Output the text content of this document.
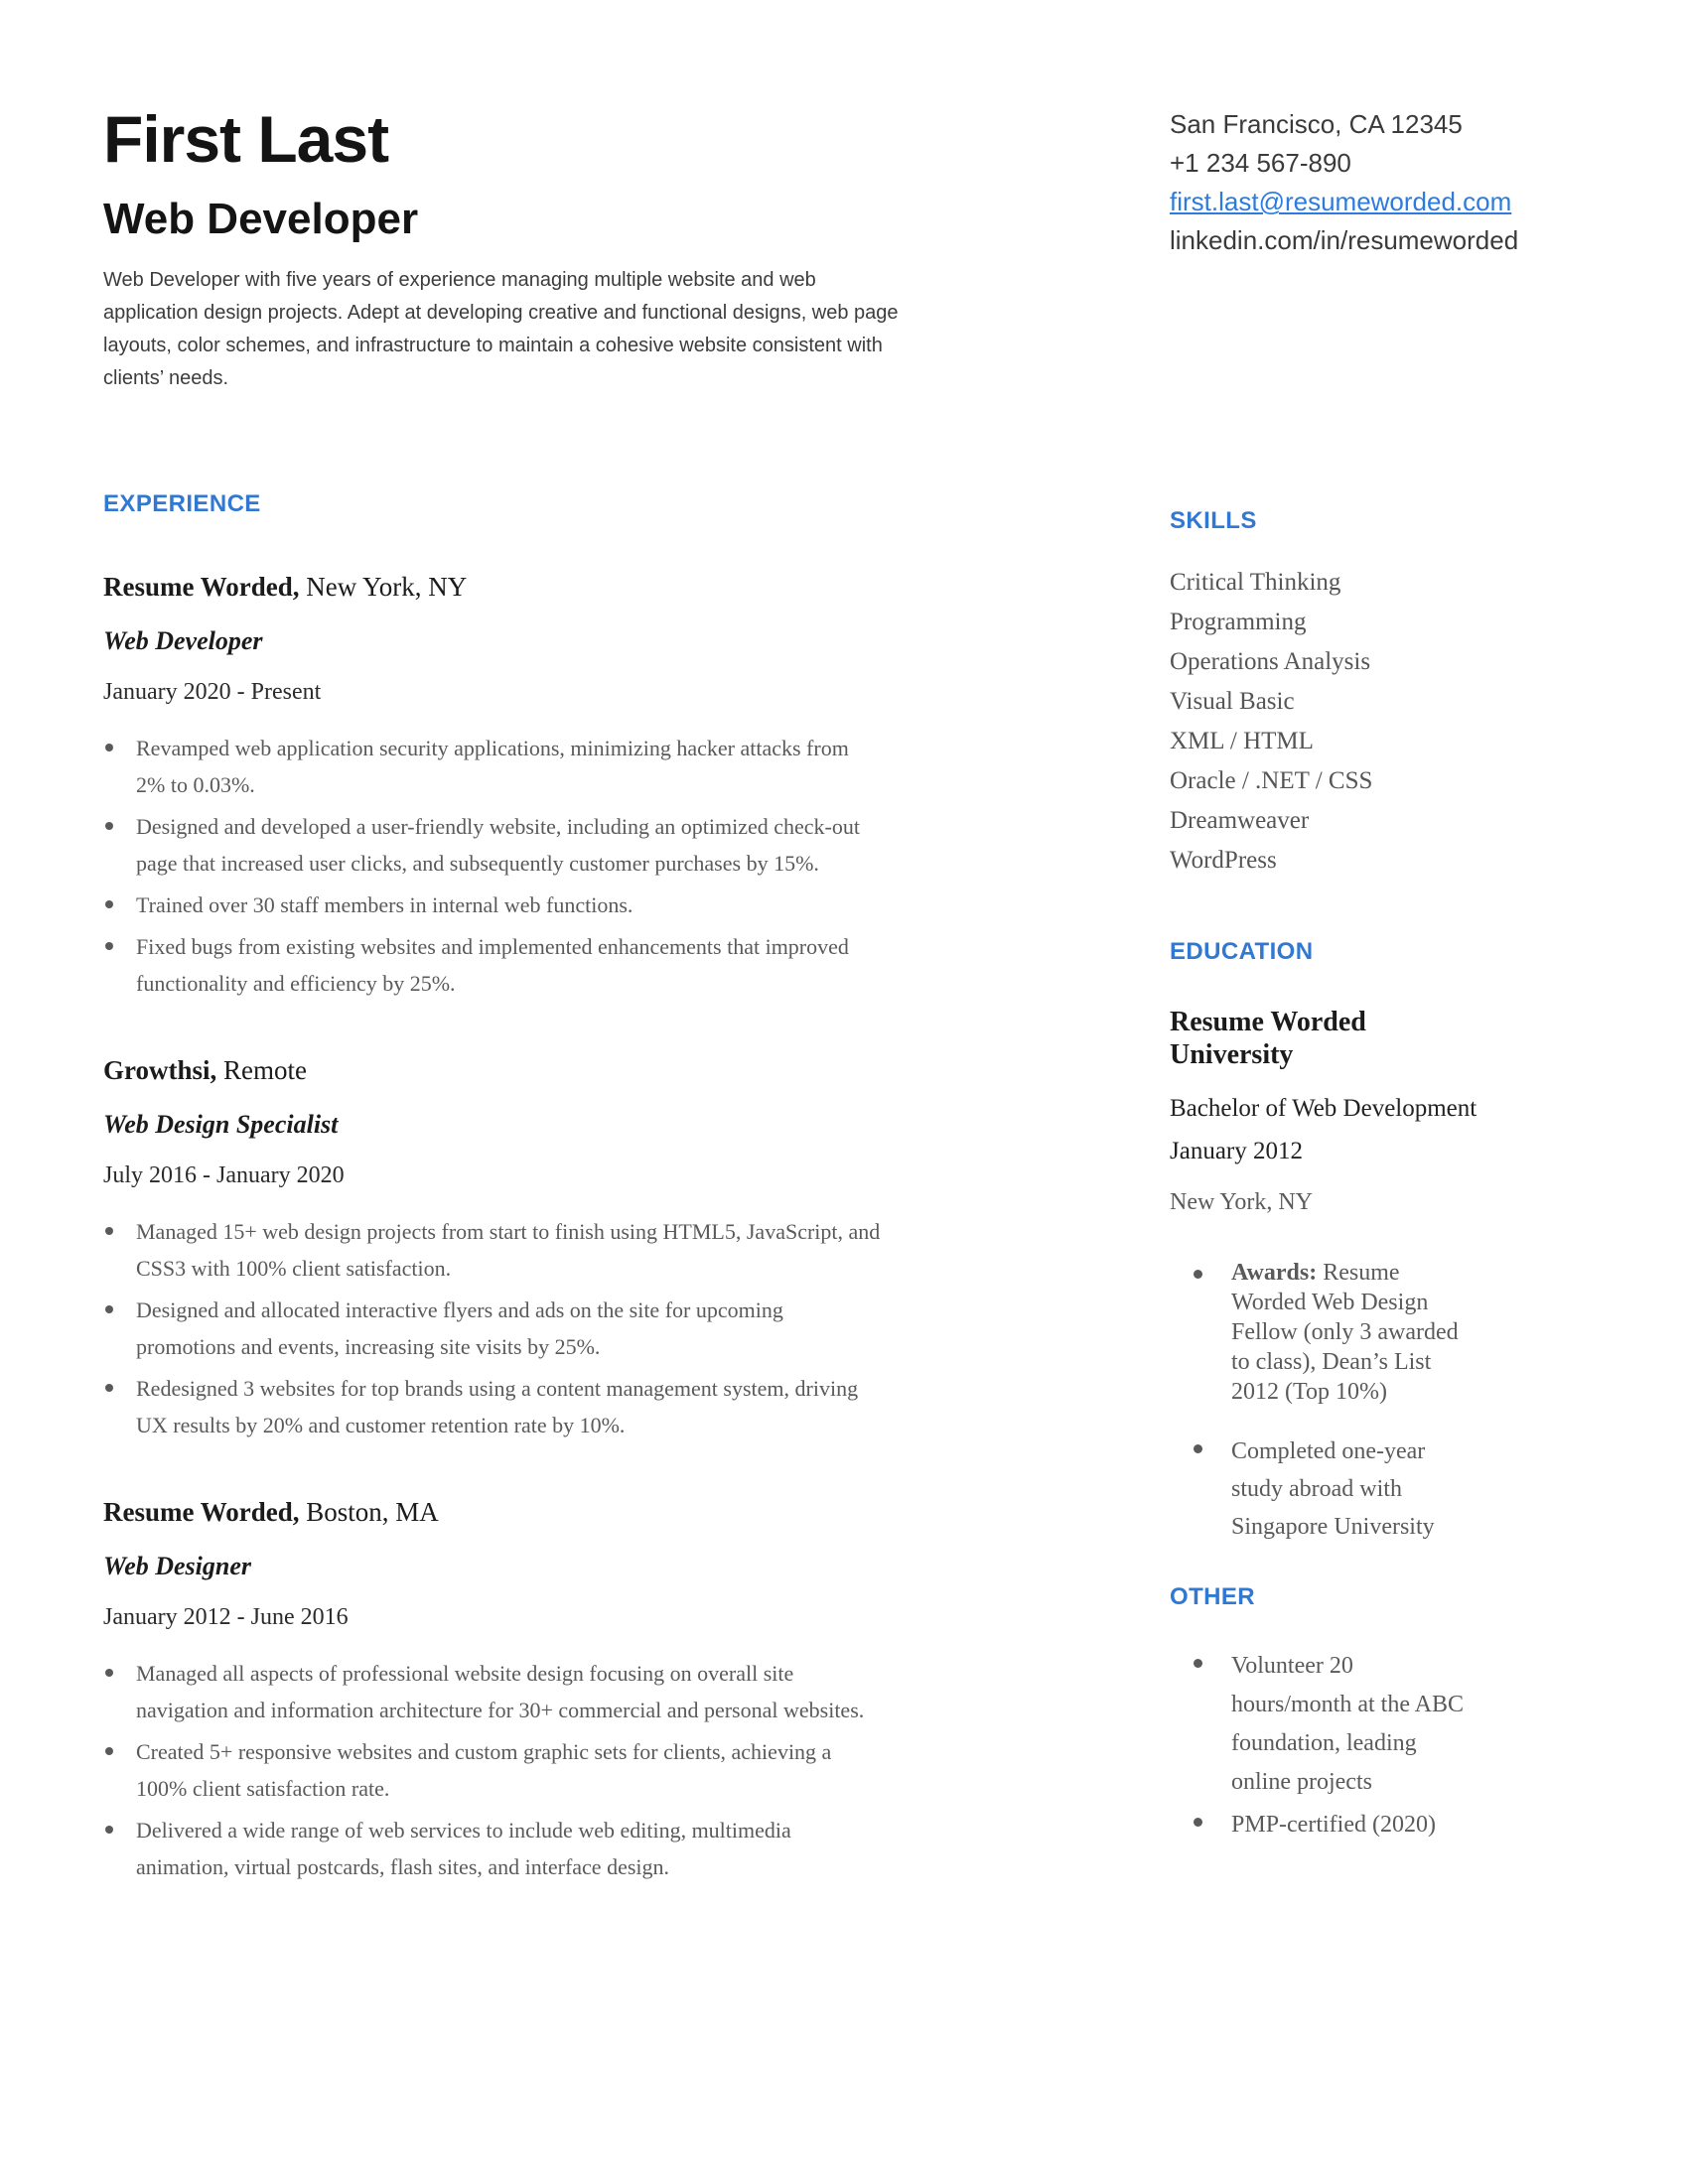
First Last
Web Developer

Web Developer with five years of experience managing multiple website and web application design projects. Adept at developing creative and functional designs, web page layouts, color schemes, and infrastructure to maintain a cohesive website consistent with clients’ needs.

EXPERIENCE
Resume Worded, New York, NY
Web Developer
January 2020 - Present
Revamped web application security applications, minimizing hacker attacks from 2% to 0.03%.
Designed and developed a user-friendly website, including an optimized check-out page that increased user clicks, and subsequently customer purchases by 15%.
Trained over 30 staff members in internal web functions.
Fixed bugs from existing websites and implemented enhancements that improved functionality and efficiency by 25%.
Growthsi, Remote
Web Design Specialist
July 2016 - January 2020
Managed 15+ web design projects from start to finish using HTML5, JavaScript, and CSS3 with 100% client satisfaction.
Designed and allocated interactive flyers and ads on the site for upcoming promotions and events, increasing site visits by 25%.
Redesigned 3 websites for top brands using a content management system, driving UX results by 20% and customer retention rate by 10%.
Resume Worded, Boston, MA
Web Designer
January 2012 - June 2016
Managed all aspects of professional website design focusing on overall site navigation and information architecture for 30+ commercial and personal websites.
Created 5+ responsive websites and custom graphic sets for clients, achieving a 100% client satisfaction rate.
Delivered a wide range of web services to include web editing, multimedia animation, virtual postcards, flash sites, and interface design.
San Francisco, CA 12345
+1 234 567-890
first.last@resumeworded.com
linkedin.com/in/resumeworded
SKILLS
Critical Thinking
Programming
Operations Analysis
Visual Basic
XML / HTML
Oracle / .NET / CSS
Dreamweaver
WordPress
EDUCATION
Resume Worded University
Bachelor of Web Development
January 2012
New York, NY
Awards: Resume Worded Web Design Fellow (only 3 awarded to class), Dean’s List 2012 (Top 10%)
Completed one-year study abroad with Singapore University
OTHER
Volunteer 20 hours/month at the ABC foundation, leading online projects
PMP-certified (2020)
